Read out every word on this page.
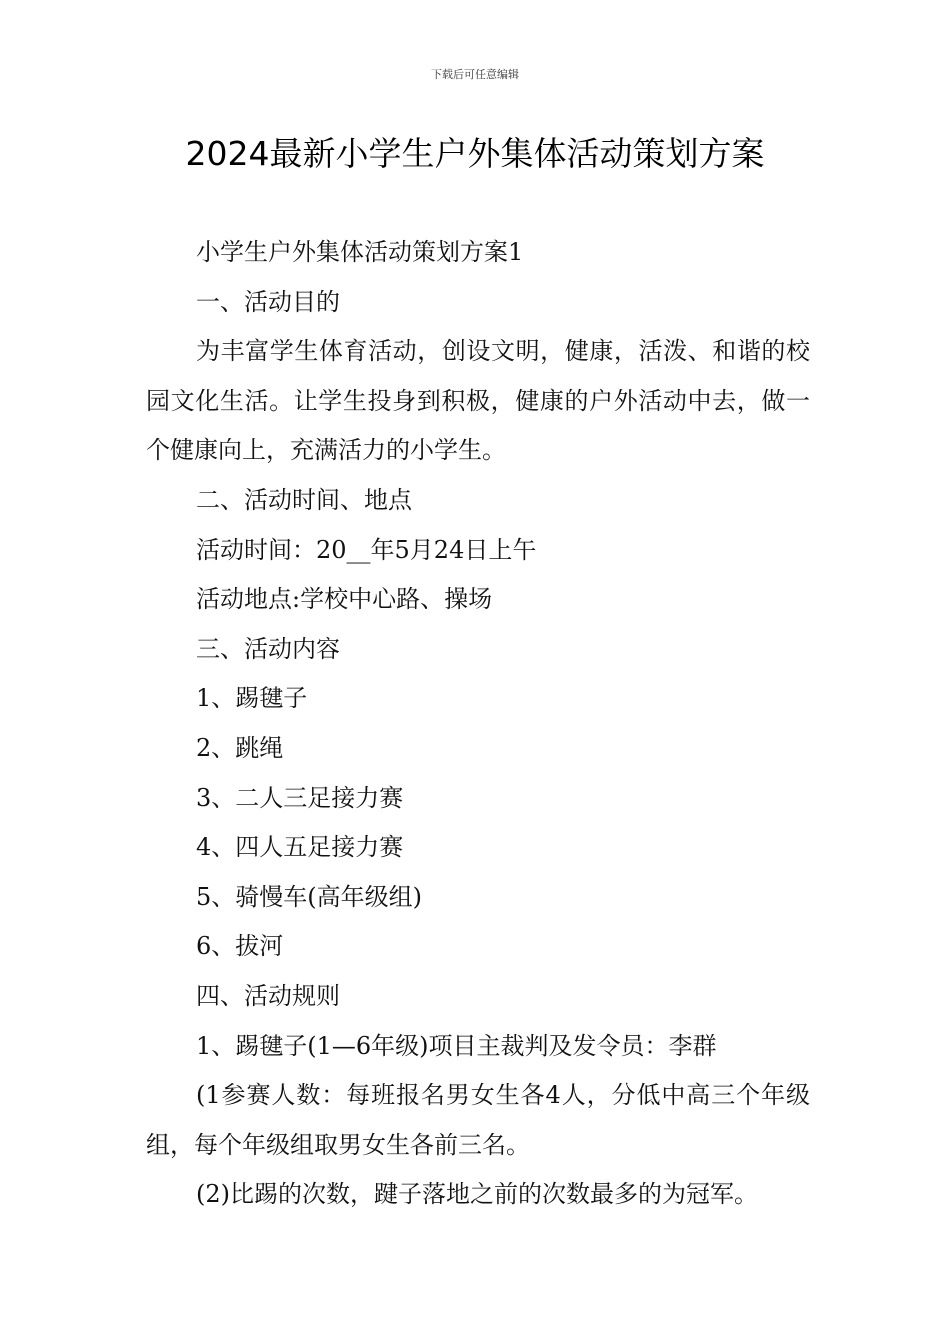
下载后可任意编辑
2024最新小学生户外集体活动策划方案

小学生户外集体活动策划方案1

一、活动目的

为丰富学生体育活动，创设文明，健康，活泼、和谐的校园文化生活。让学生投身到积极，健康的户外活动中去，做一个健康向上，充满活力的小学生。

二、活动时间、地点

活动时间：20__年5月24日上午

活动地点:学校中心路、操场

三、活动内容

1、踢毽子

2、跳绳

3、二人三足接力赛

4、四人五足接力赛

5、骑慢车(高年级组)

6、拔河

四、活动规则

1、踢毽子(1—6年级)项目主裁判及发令员：李群

(1参赛人数：每班报名男女生各4人，分低中高三个年级组，每个年级组取男女生各前三名。

(2)比踢的次数，踺子落地之前的次数最多的为冠军。
